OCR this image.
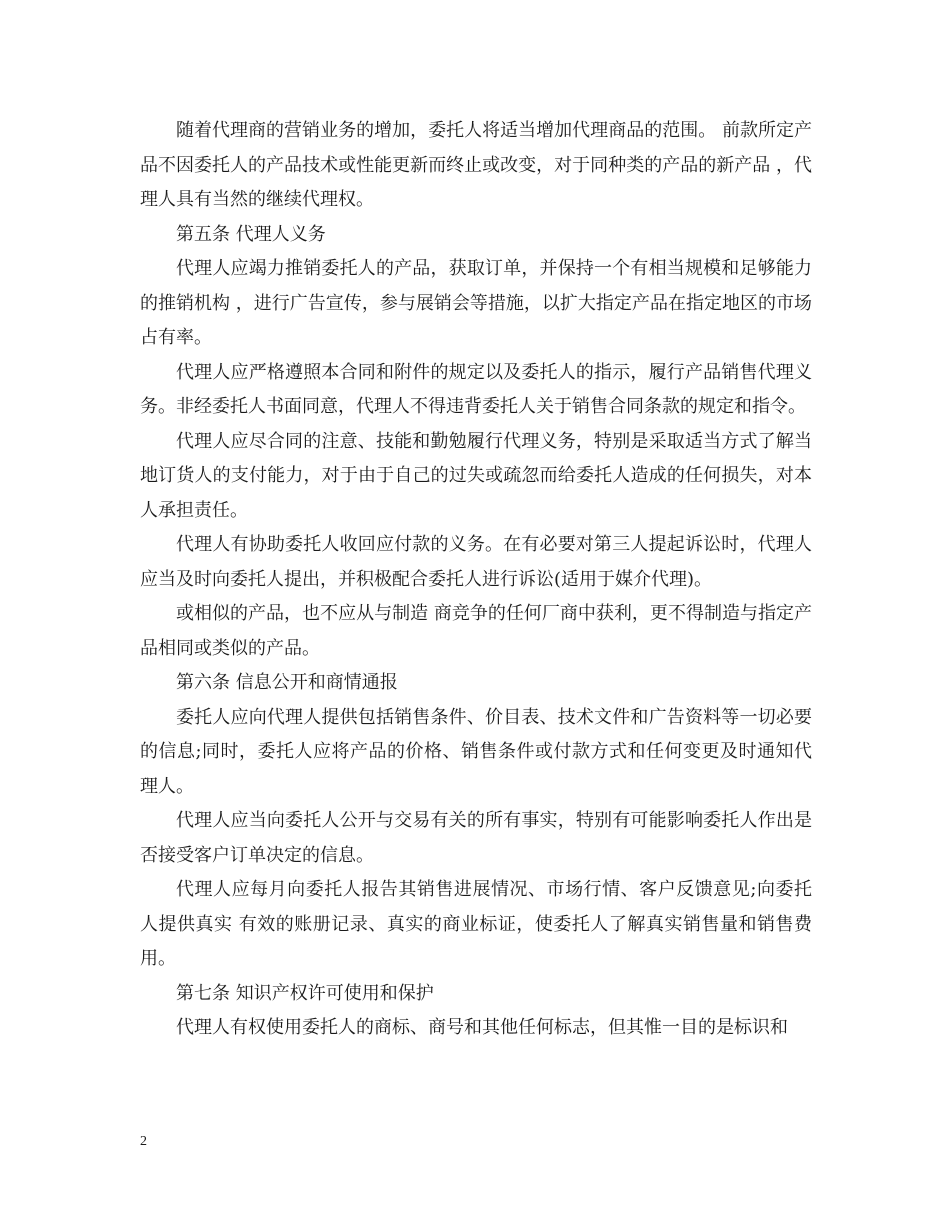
随着代理商的营销业务的增加，委托人将适当增加代理商品的范围。 前款所定产品不因委托人的产品技术或性能更新而终止或改变，对于同种类的产品的新产品 ，代理人具有当然的继续代理权。

第五条 代理人义务

代理人应竭力推销委托人的产品，获取订单，并保持一个有相当规模和足够能力的推销机构 ，进行广告宣传，参与展销会等措施，以扩大指定产品在指定地区的市场占有率。

代理人应严格遵照本合同和附件的规定以及委托人的指示，履行产品销售代理义务。非经委托人书面同意，代理人不得违背委托人关于销售合同条款的规定和指令。

代理人应尽合同的注意、技能和勤勉履行代理义务，特别是采取适当方式了解当地订货人的支付能力，对于由于自己的过失或疏忽而给委托人造成的任何损失，对本人承担责任。

代理人有协助委托人收回应付款的义务。在有必要对第三人提起诉讼时，代理人应当及时向委托人提出，并积极配合委托人进行诉讼(适用于媒介代理)。

或相似的产品，也不应从与制造 商竞争的任何厂商中获利，更不得制造与指定产品相同或类似的产品。

第六条 信息公开和商情通报

委托人应向代理人提供包括销售条件、价目表、技术文件和广告资料等一切必要的信息;同时，委托人应将产品的价格、销售条件或付款方式和任何变更及时通知代理人。

代理人应当向委托人公开与交易有关的所有事实，特别有可能影响委托人作出是否接受客户订单决定的信息。

代理人应每月向委托人报告其销售进展情况、市场行情、客户反馈意见;向委托人提供真实 有效的账册记录、真实的商业标证，使委托人了解真实销售量和销售费用。

第七条 知识产权许可使用和保护

代理人有权使用委托人的商标、商号和其他任何标志，但其惟一目的是标识和

2
